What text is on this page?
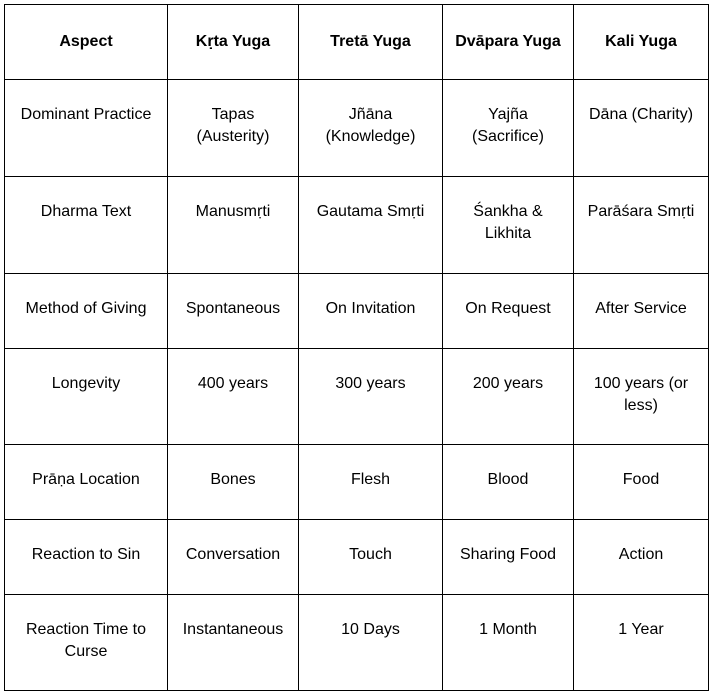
Aspect	Kṛta Yuga	Tretā Yuga	Dvāpara Yuga	Kali Yuga
Dominant Practice	Tapas (Austerity)	Jñāna (Knowledge)	Yajña (Sacrifice)	Dāna (Charity)
Dharma Text	Manusmṛti	Gautama Smṛti	Śankha & Likhita	Parāśara Smṛti
Method of Giving	Spontaneous	On Invitation	On Request	After Service
Longevity	400 years	300 years	200 years	100 years (or less)
Prāṇa Location	Bones	Flesh	Blood	Food
Reaction to Sin	Conversation	Touch	Sharing Food	Action
Reaction Time to Curse	Instantaneous	10 Days	1 Month	1 Year
